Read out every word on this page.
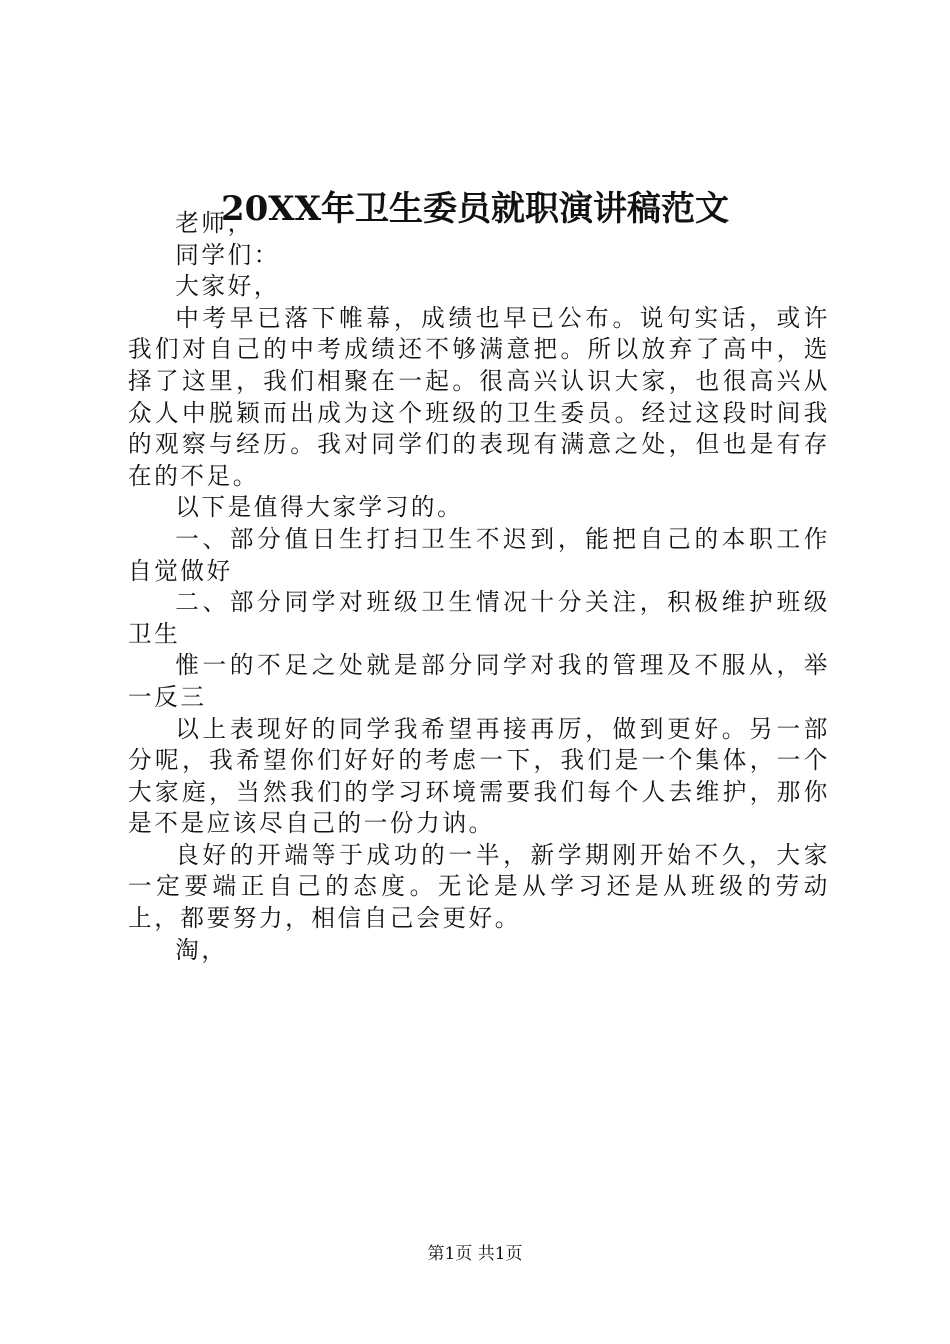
20XX年卫生委员就职演讲稿范文

老师，

同学们：

大家好，

中考早已落下帷幕，成绩也早已公布。说句实话，或许我们对自己的中考成绩还不够满意把。所以放弃了高中，选择了这里，我们相聚在一起。很高兴认识大家，也很高兴从众人中脱颖而出成为这个班级的卫生委员。经过这段时间我的观察与经历。我对同学们的表现有满意之处，但也是有存在的不足。

以下是值得大家学习的。

一、部分值日生打扫卫生不迟到，能把自己的本职工作自觉做好

二、部分同学对班级卫生情况十分关注，积极维护班级卫生

惟一的不足之处就是部分同学对我的管理及不服从，举一反三

以上表现好的同学我希望再接再厉，做到更好。另一部分呢，我希望你们好好的考虑一下，我们是一个集体，一个大家庭，当然我们的学习环境需要我们每个人去维护，那你是不是应该尽自己的一份力讷。

良好的开端等于成功的一半，新学期刚开始不久，大家一定要端正自己的态度。无论是从学习还是从班级的劳动上，都要努力，相信自己会更好。

淘，

第1页 共1页
